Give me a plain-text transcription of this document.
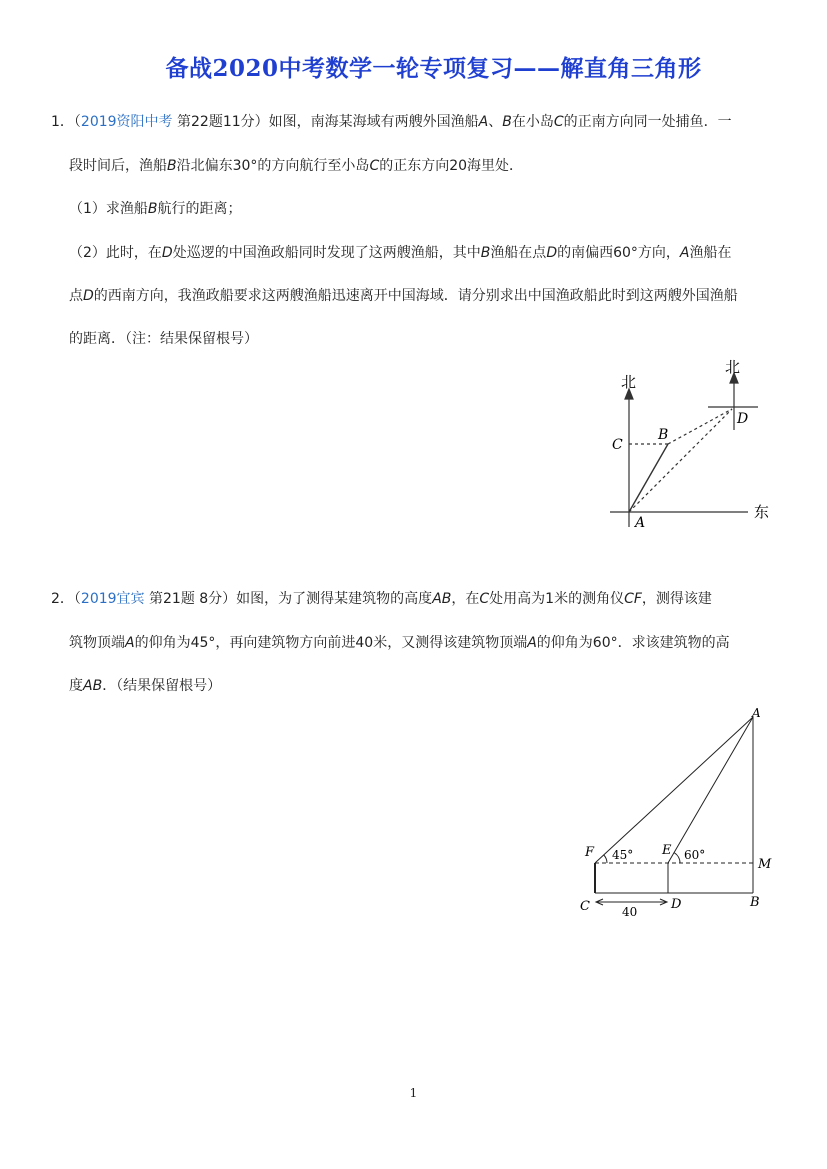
备战2020中考数学一轮专项复习——解直角三角形
1．（2019资阳中考 第22题11分）如图，南海某海域有两艘外国渔船A、B在小岛C的正南方向同一处捕鱼．一
段时间后，渔船B沿北偏东30°的方向航行至小岛C的正东方向20海里处．
（1）求渔船B航行的距离；
（2）此时，在D处巡逻的中国渔政船同时发现了这两艘渔船，其中B渔船在点D的南偏西60°方向，A渔船在
点D的西南方向，我渔政船要求这两艘渔船迅速离开中国海域．请分别求出中国渔政船此时到这两艘外国渔船
的距离．（注：结果保留根号）
北
北
东
C
B
D
A
2．（2019宜宾 第21题 8分）如图，为了测得某建筑物的高度AB，在C处用高为1米的测角仪CF，测得该建
筑物顶端A的仰角为45°，再向建筑物方向前进40米，又测得该建筑物顶端A的仰角为60°．求该建筑物的高
度AB．（结果保留根号）
A
F	E
M
C	D	B
45°	60°
40
1
